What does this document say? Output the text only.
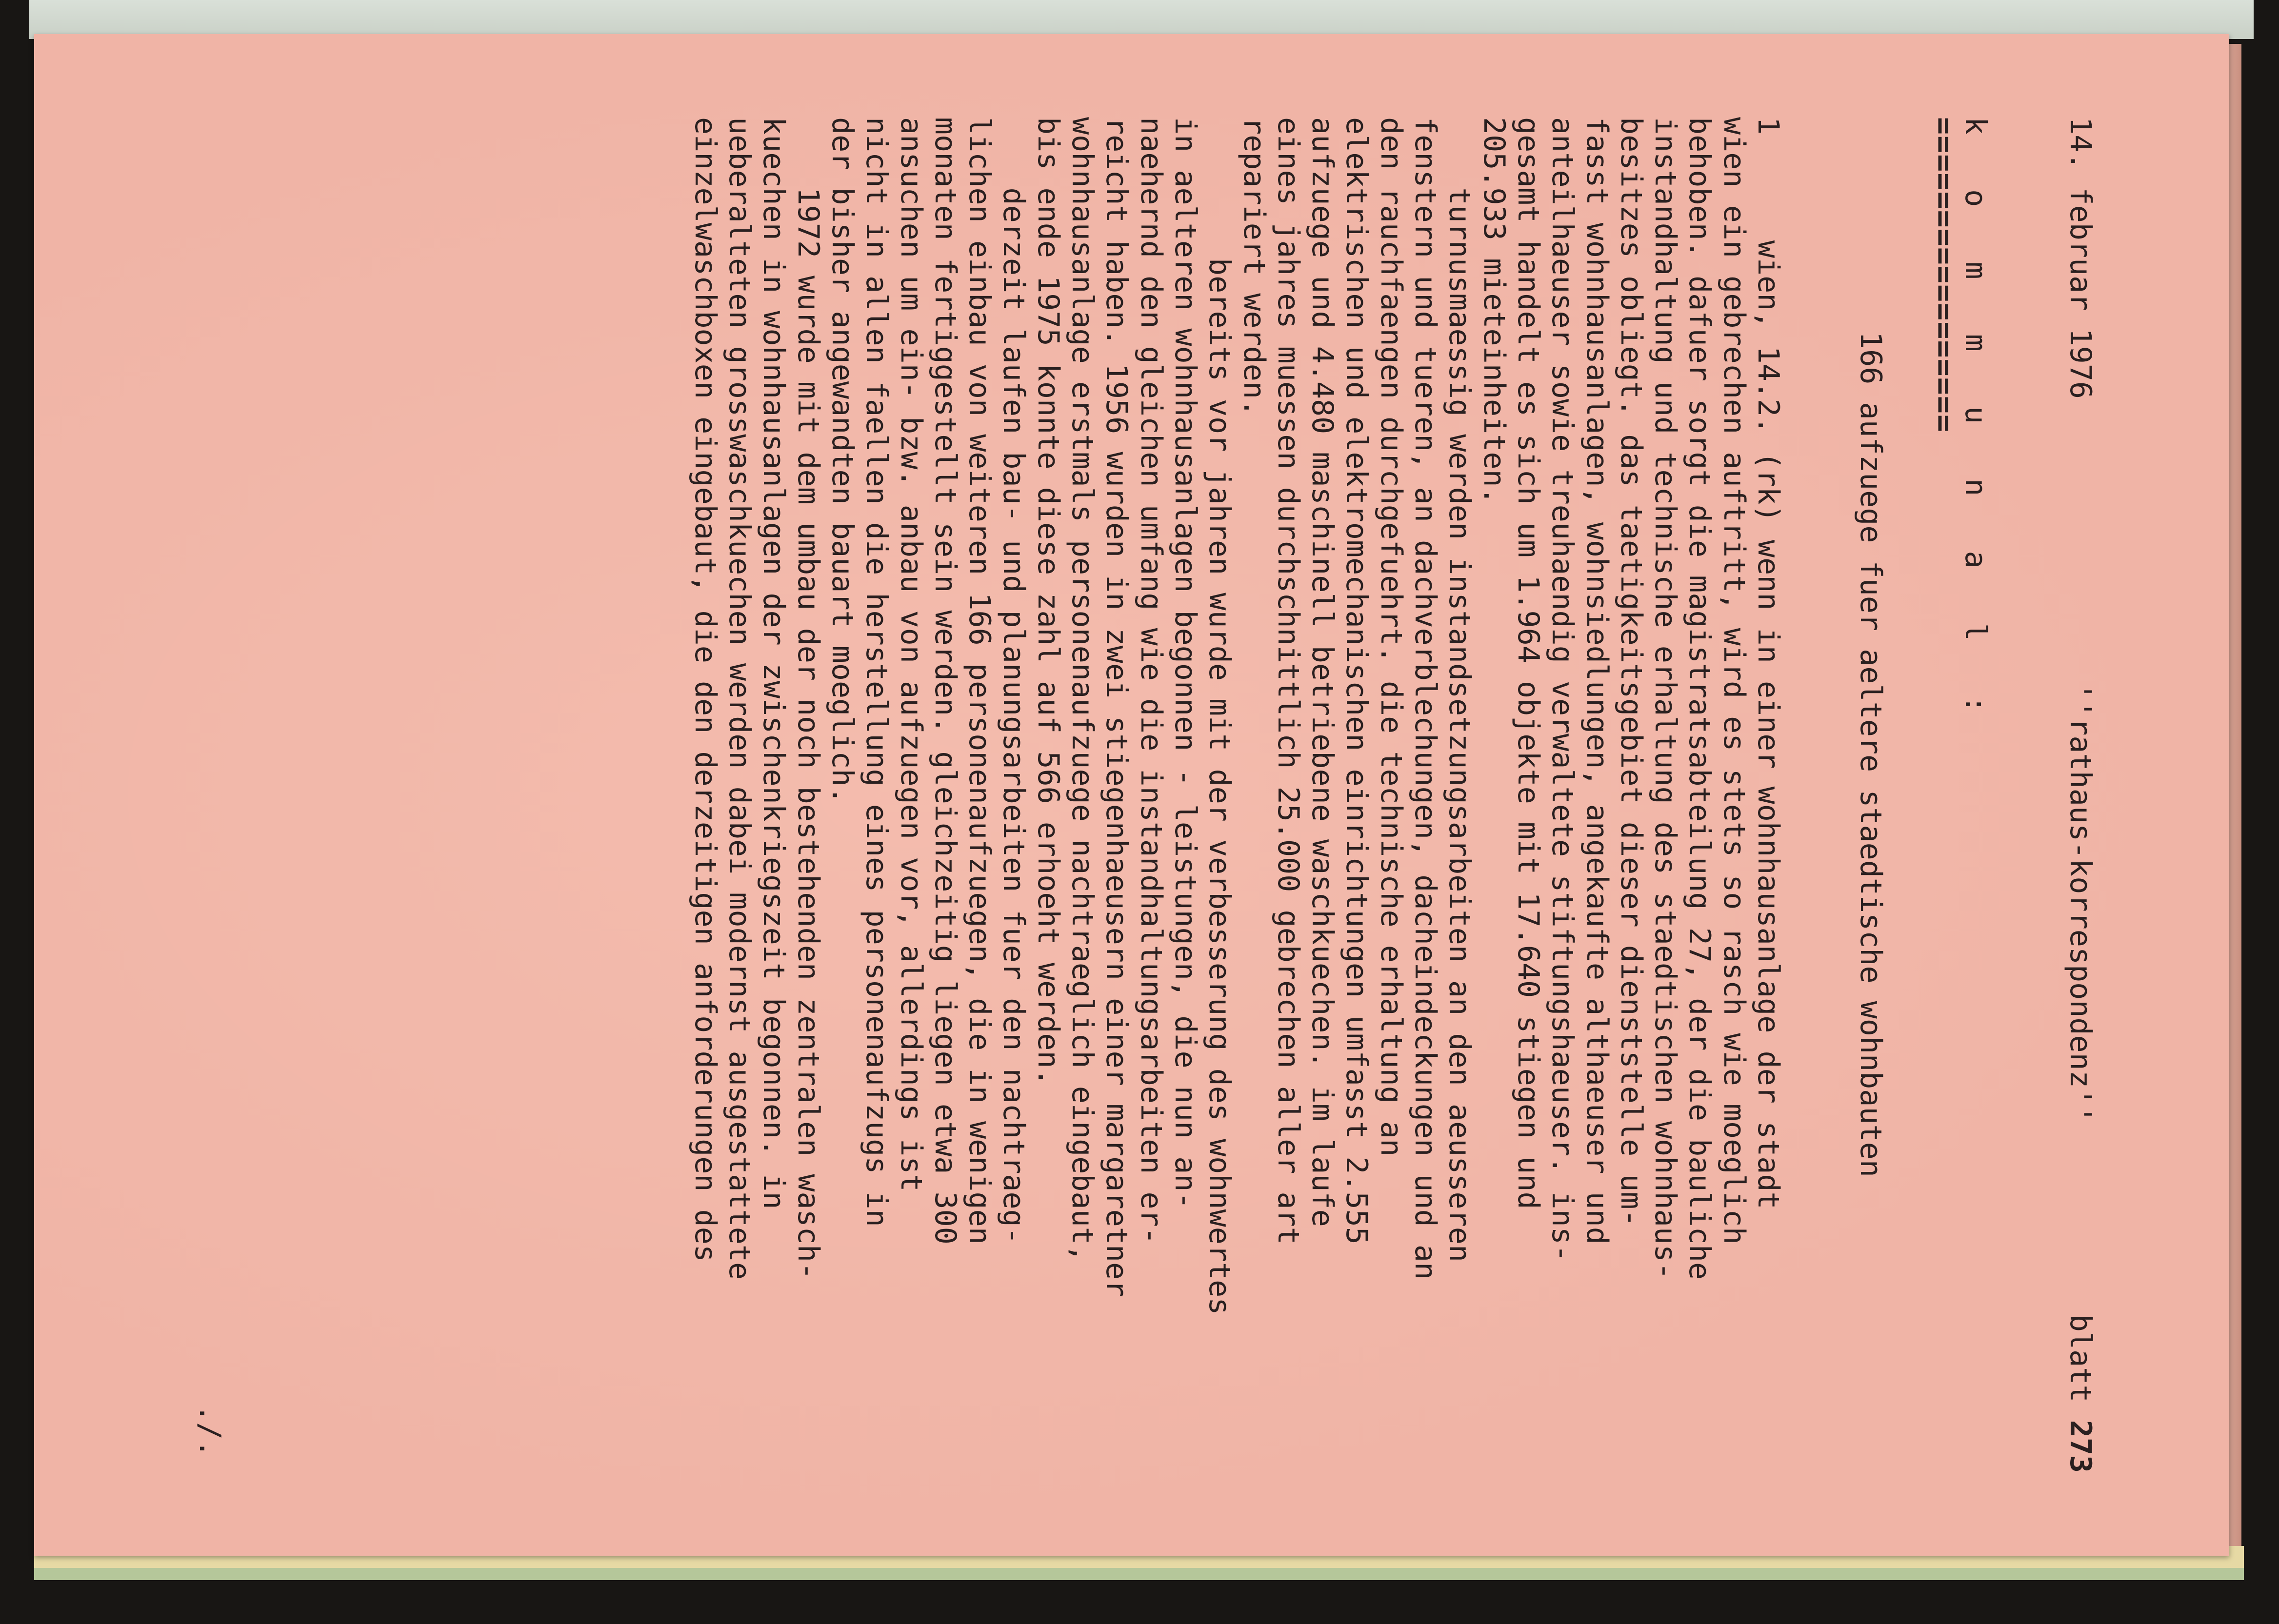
14. februar 1976

''rathaus-korrespondenz''

blatt 273

k o m m u n a l :

=================

166 aufzuege fuer aeltere staedtische wohnbauten

1      wien, 14.2. (rk) wenn in einer wohnhausanlage der stadt
wien ein gebrechen auftritt, wird es stets so rasch wie moeglich
behoben. dafuer sorgt die magistratsabteilung 27, der die bauliche
instandhaltung und technische erhaltung des staedtischen wohnhaus-
besitzes obliegt. das taetigkeitsgebiet dieser dienststelle um-
fasst wohnhausanlagen, wohnsiedlungen, angekaufte althaeuser und
anteilhaeuser sowie treuhaendig verwaltete stiftungshaeuser. ins-
gesamt handelt es sich um 1.964 objekte mit 17.640 stiegen und
205.933 mieteinheiten.
turnusmaessig werden instandsetzungsarbeiten an den aeusseren
fenstern und tueren, an dachverblechungen, dacheindeckungen und an
den rauchfaengen durchgefuehrt. die technische erhaltung an
elektrischen und elektromechanischen einrichtungen umfasst 2.555
aufzuege und 4.480 maschinell betriebene waschkuechen. im laufe
eines jahres muessen durchschnittlich 25.000 gebrechen aller art
repariert werden.
bereits vor jahren wurde mit der verbesserung des wohnwertes
in aelteren wohnhausanlagen begonnen - leistungen, die nun an-
naehernd den gleichen umfang wie die instandhaltungsarbeiten er-
reicht haben. 1956 wurden in zwei stiegenhaeusern einer margaretner
wohnhausanlage erstmals personenaufzuege nachtraeglich eingebaut,
bis ende 1975 konnte diese zahl auf 566 erhoeht werden.
derzeit laufen bau- und planungsarbeiten fuer den nachtraeg-
lichen einbau von weiteren 166 personenaufzuegen, die in wenigen
monaten fertiggestellt sein werden. gleichzeitig liegen etwa 300
ansuchen um ein- bzw. anbau von aufzuegen vor, allerdings ist
nicht in allen faellen die herstellung eines personenaufzugs in
der bisher angewandten bauart moeglich.
1972 wurde mit dem umbau der noch bestehenden zentralen wasch-
kuechen in wohnhausanlagen der zwischenkriegszeit begonnen. in
ueberalteten grosswaschkuechen werden dabei modernst ausgestattete
einzelwaschboxen eingebaut, die den derzeitigen anforderungen des

./.
